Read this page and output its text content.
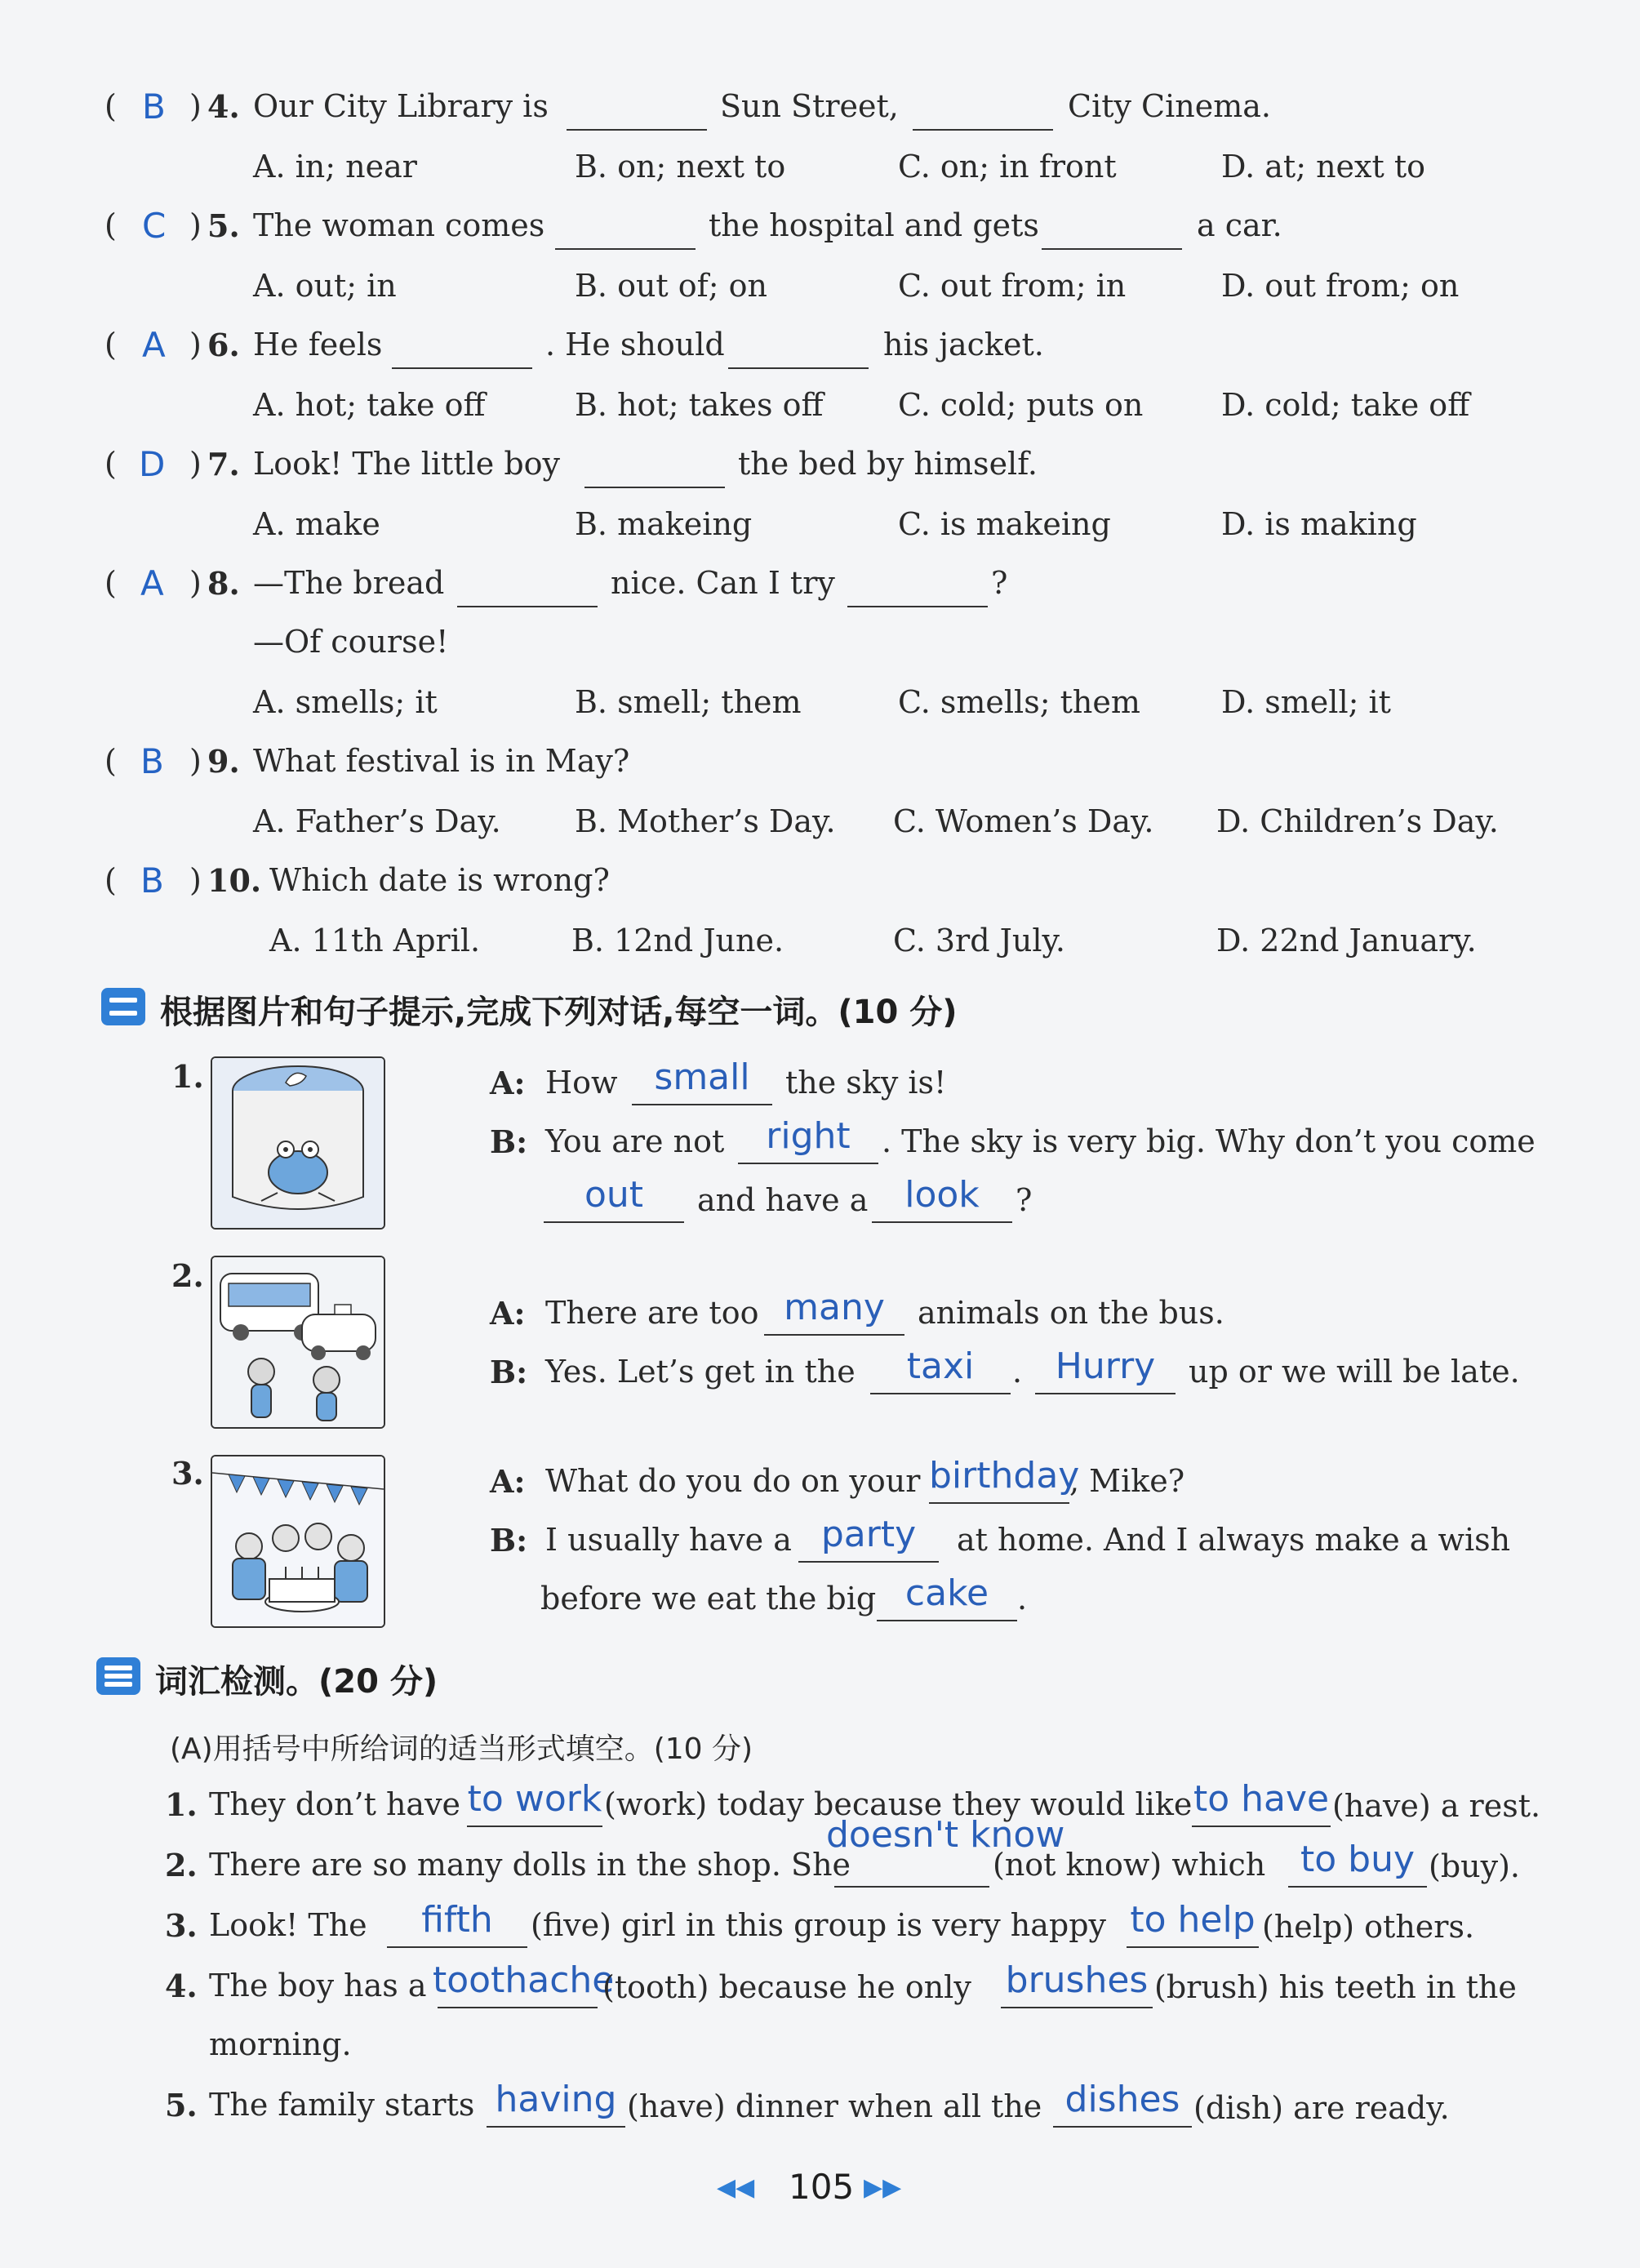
( B ) 4. Our City Library is	Sun Street,	City Cinema.
A. in; near	B. on; next to	C. on; in front	D. at; next to
( C ) 5. The woman comes	the hospital and gets	a car.
A. out; in	B. out of; on	C. out from; in	D. out from; on
( A ) 6. He feels	. He should	his jacket.
A. hot; take off	B. hot; takes off C. cold; puts on	D. cold; take off
( D ) 7. Look! The little boy	the bed by himself.
A. make	B. makeing	C. is makeing	D. is making
( A ) 8. —The bread	nice. Can I try	?
—Of course!
A. smells; it	B. smell; them	C. smells; them	D. smell; it
( B ) 9. What festival is in May?
A. Father’s Day. B. Mother’s Day. C. Women’s Day. D. Children’s Day.
( B ) 10. Which date is wrong?
A. 11th April.	B. 12nd June.	C. 3rd July.	D. 22nd January.
根据图片和句子提示,完成下列对话,每空一词。(10 分)
1.	A: How	small	the sky is!
B: You are not	right	. The sky is very big. Why don’t you come
out	and have a	look	?
2.
A: There are too many	animals on the bus.
B: Yes. Let’s get in the	taxi	. Hurry	up or we will be late.
3.	A: What do you do on your birthday
, Mike?
B: I usually have a party	at home. And I always make a wish
before we eat the big cake .
词汇检测。(20 分)
(A)用括号中所给词的适当形式填空。(10 分)
1. They don’t have to work (work) today because they would like to have (have) a rest.
2. There are so many dolls in the shop. She
doesn't know
(not know) which to buy (buy).
3. Look! The	fifth	(five) girl in this group is very happy to help (help) others.
4. The boy has a toothache
(tooth) because he only brushes (brush) his teeth in the
morning.
5. The family starts having (have) dinner when all the dishes (dish) are ready.
◀◀ 105 ▶▶
